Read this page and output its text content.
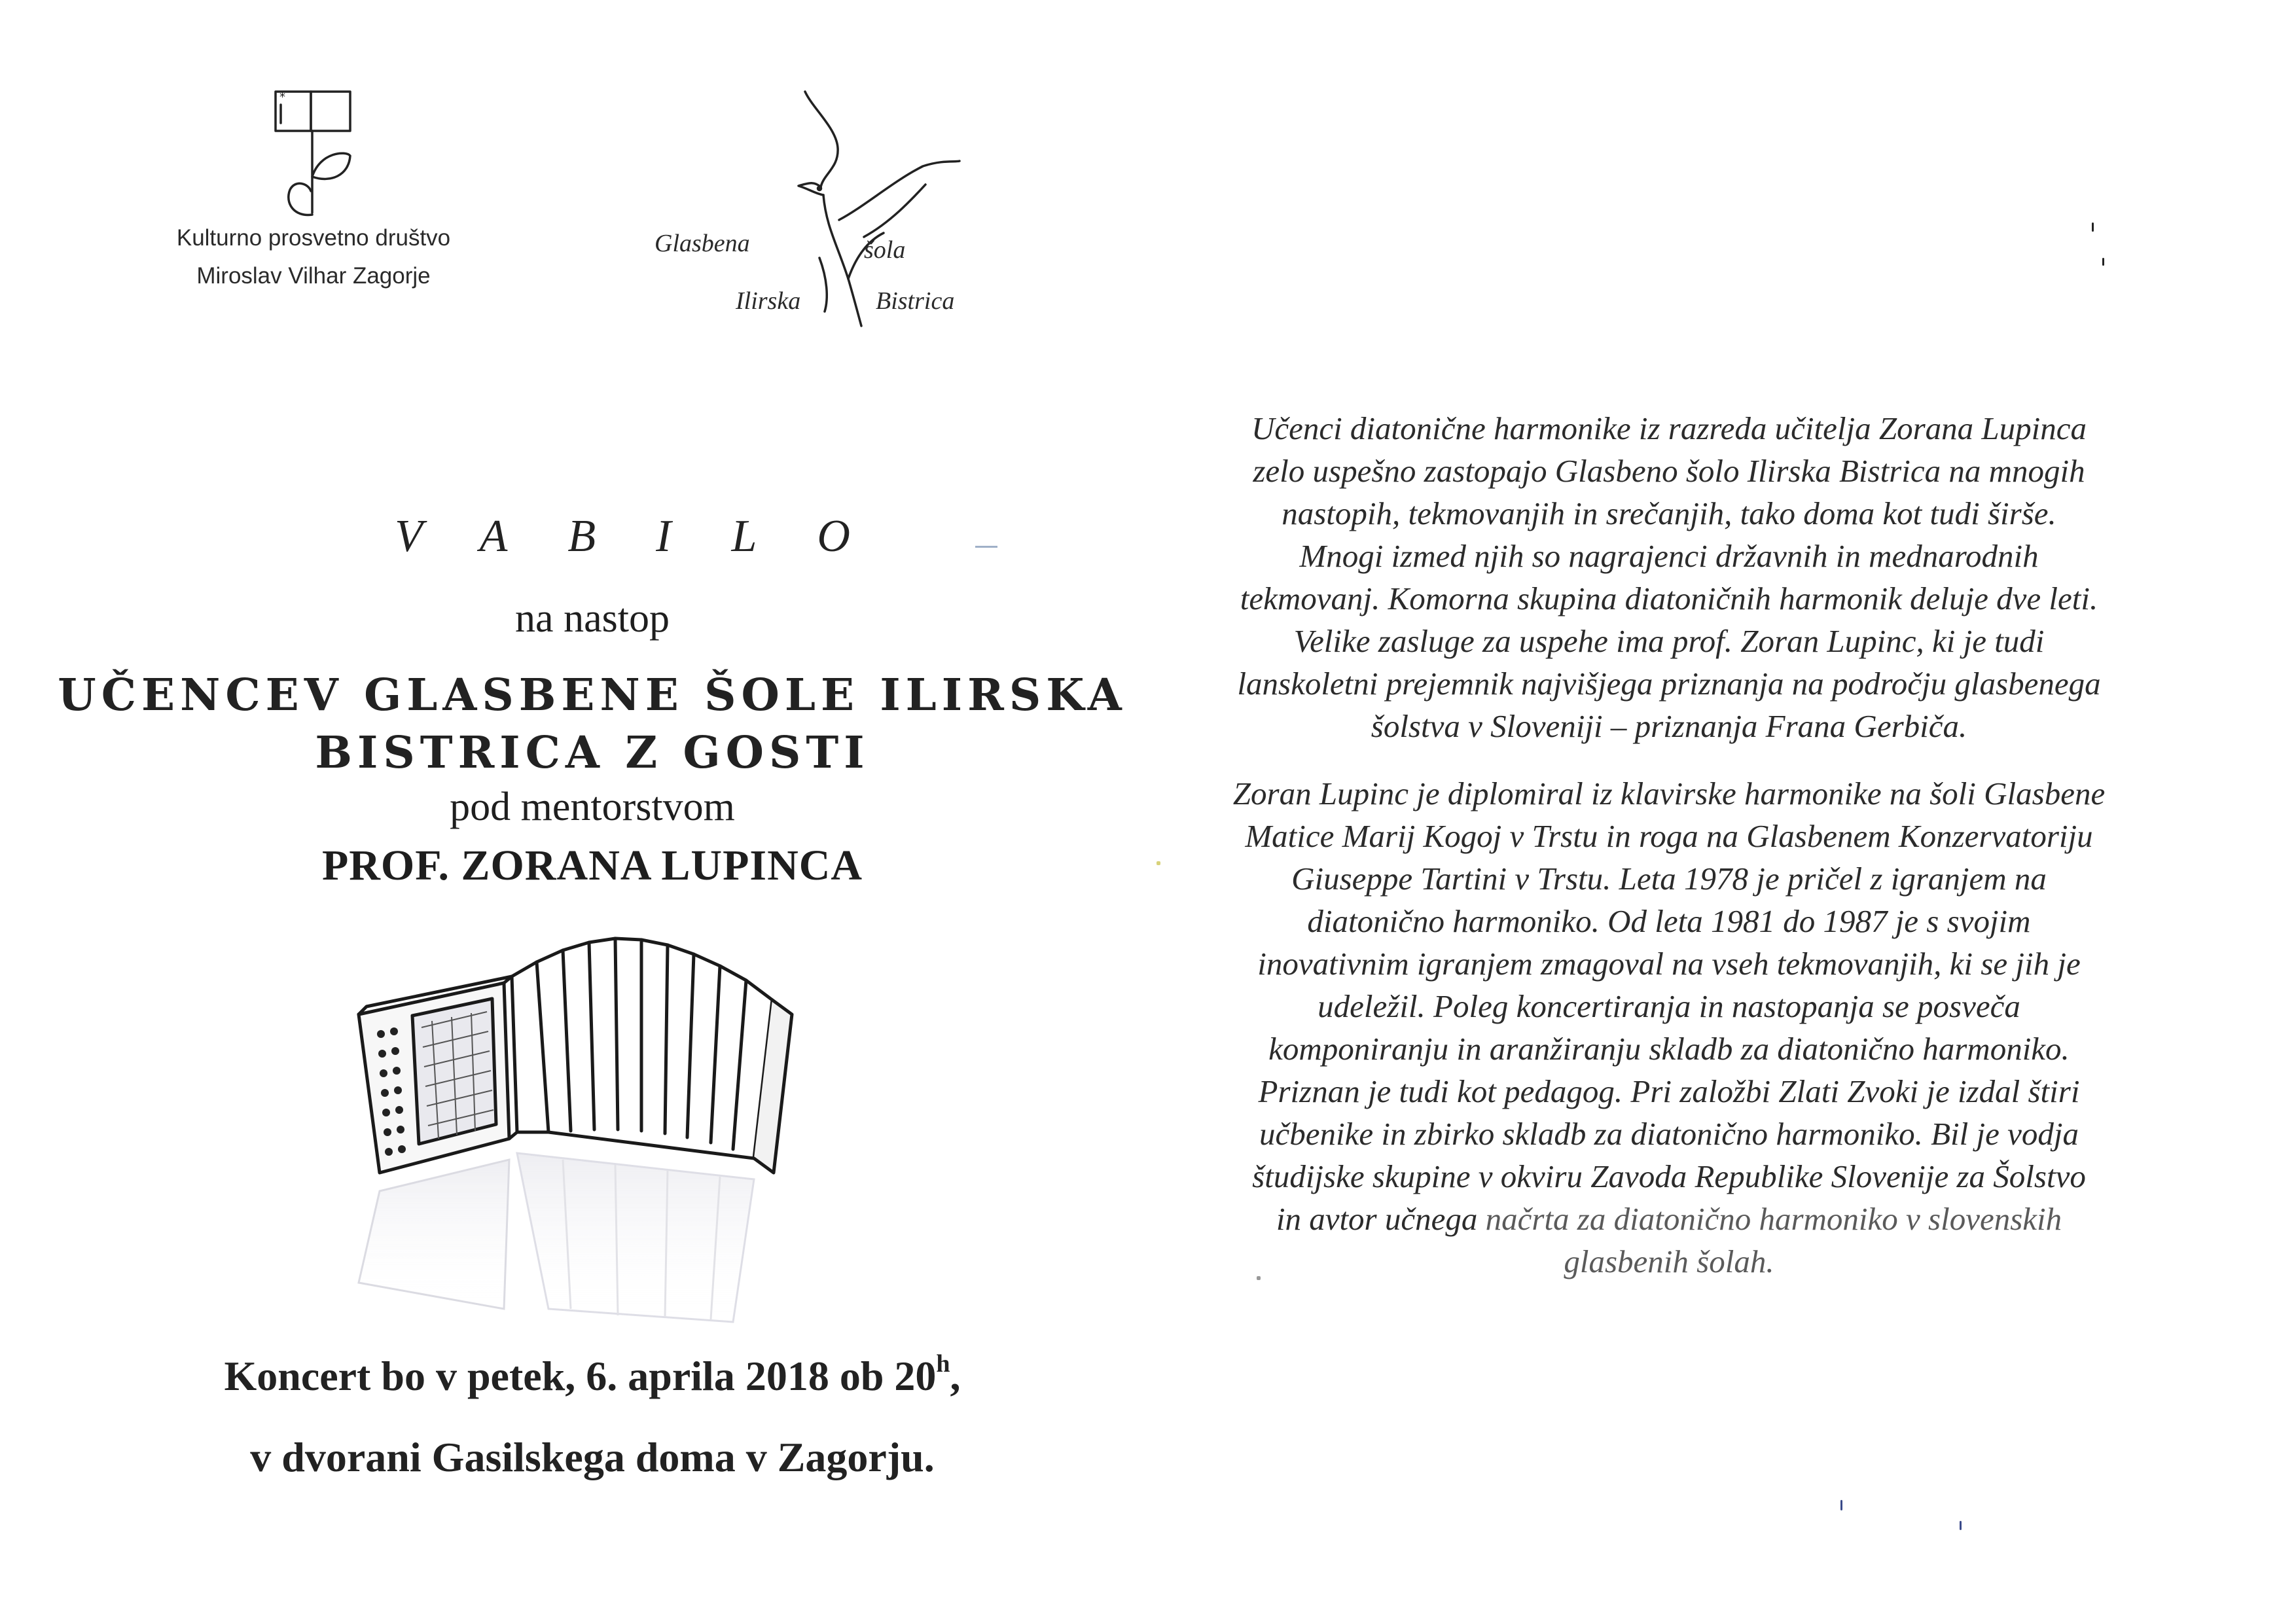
*
Kulturno prosvetno društvo
Miroslav Vilhar Zagorje
Glasbena	šola
Ilirska	Bistrica
VABILO
na nastop
UČENCEV GLASBENE ŠOLE ILIRSKA
BISTRICA Z GOSTI
pod mentorstvom
PROF. ZORANA LUPINCA
Koncert bo v petek, 6. aprila 2018 ob 20$^h$,
v dvorani Gasilskega doma v Zagorju.

Učenci diatonične harmonike iz razreda učitelja Zorana Lupinca
zelo uspešno zastopajo Glasbeno šolo Ilirska Bistrica na mnogih
nastopih, tekmovanjih in srečanjih, tako doma kot tudi širše.
Mnogi izmed njih so nagrajenci državnih in mednarodnih
tekmovanj. Komorna skupina diatoničnih harmonik deluje dve leti.
Velike zasluge za uspehe ima prof. Zoran Lupinc, ki je tudi
lanskoletni prejemnik najvišjega priznanja na področju glasbenega
šolstva v Sloveniji – priznanja Frana Gerbiča.

Zoran Lupinc je diplomiral iz klavirske harmonike na šoli Glasbene
Matice Marij Kogoj v Trstu in roga na Glasbenem Konzervatoriju
Giuseppe Tartini v Trstu. Leta 1978 je pričel z igranjem na
diatonično harmoniko. Od leta 1981 do 1987 je s svojim
inovativnim igranjem zmagoval na vseh tekmovanjih, ki se jih je
udeležil. Poleg koncertiranja in nastopanja se posveča
komponiranju in aranžiranju skladb za diatonično harmoniko.
Priznan je tudi kot pedagog. Pri založbi Zlati Zvoki je izdal štiri
učbenike in zbirko skladb za diatonično harmoniko. Bil je vodja
študijske skupine v okviru Zavoda Republike Slovenije za Šolstvo
in avtor učnega načrta za diatonično harmoniko v slovenskih
glasbenih šolah.
